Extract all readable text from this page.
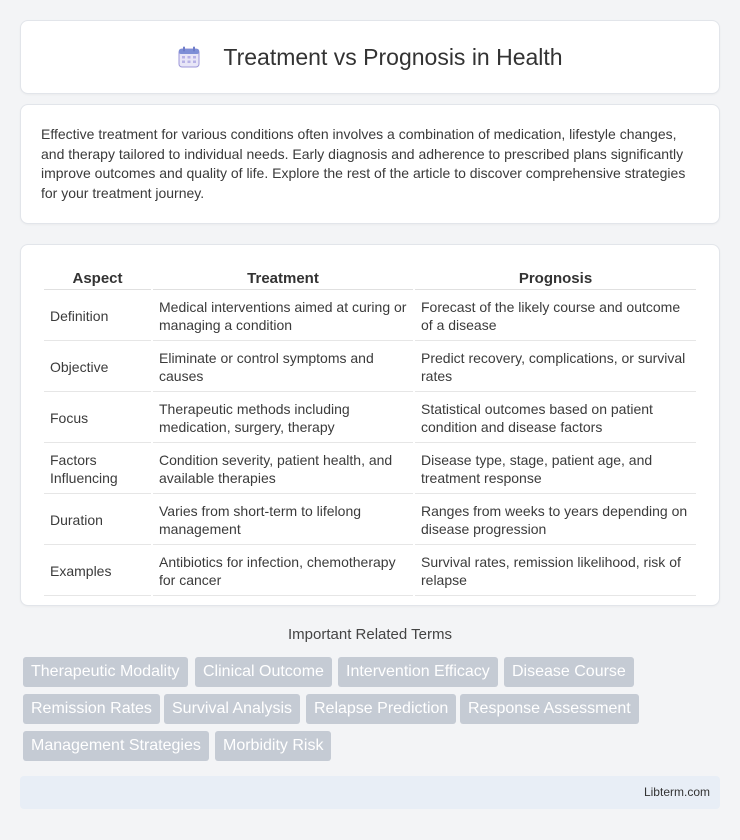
Treatment vs Prognosis in Health

Effective treatment for various conditions often involves a combination of medication, lifestyle changes, and therapy tailored to individual needs. Early diagnosis and adherence to prescribed plans significantly improve outcomes and quality of life. Explore the rest of the article to discover comprehensive strategies for your treatment journey.

Aspect	Treatment	Prognosis
Definition	Medical interventions aimed at curing or managing a condition	Forecast of the likely course and outcome of a disease
Objective	Eliminate or control symptoms and causes	Predict recovery, complications, or survival rates
Focus	Therapeutic methods including medication, surgery, therapy	Statistical outcomes based on patient condition and disease factors
Factors Influencing	Condition severity, patient health, and available therapies	Disease type, stage, patient age, and treatment response
Duration	Varies from short-term to lifelong management	Ranges from weeks to years depending on disease progression
Examples	Antibiotics for infection, chemotherapy for cancer	Survival rates, remission likelihood, risk of relapse
Important Related Terms
Therapeutic Modality	Clinical Outcome	Intervention Efficacy	Disease Course
Remission Rates	Survival Analysis	Relapse Prediction	Response Assessment
Management Strategies	Morbidity Risk
Libterm.com
